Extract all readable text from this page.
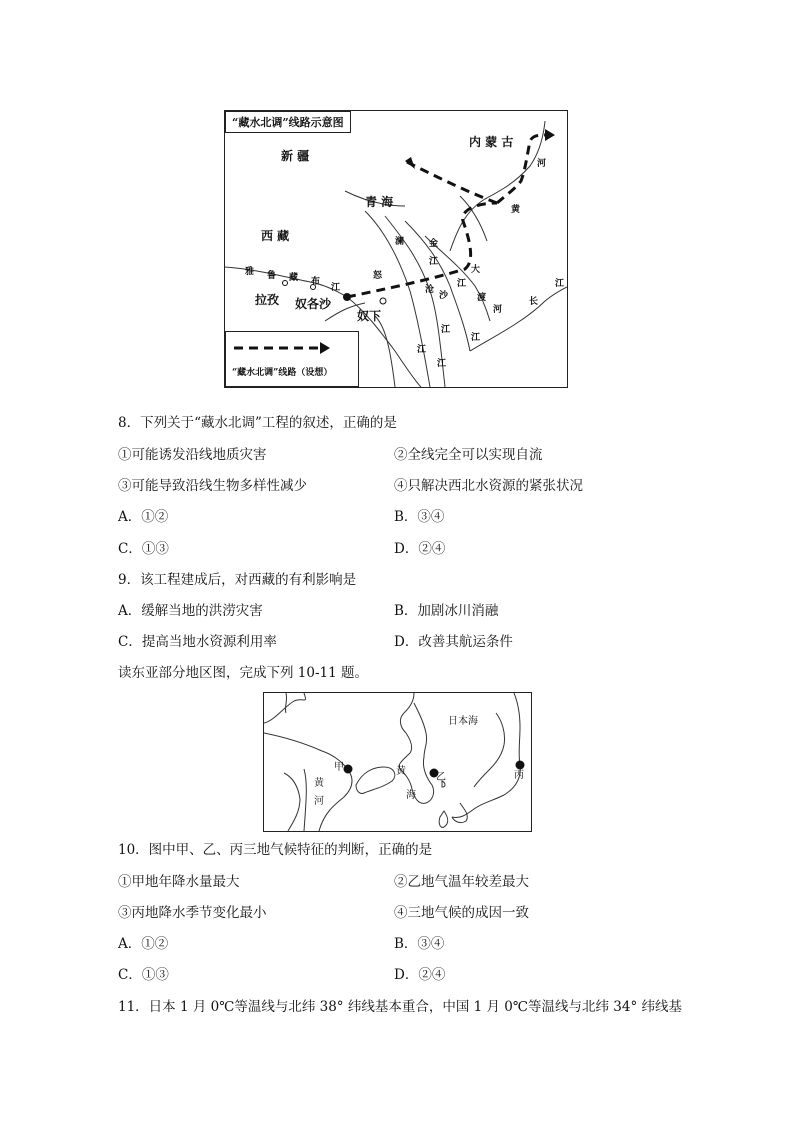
“藏水北调”线路示意图
内 蒙 古
新 疆
青 海
西 藏
拉孜 奴各沙
奴下
河
黄
江
长
雅 鲁 藏 布
江
怒
澜
沧
金
沙
大
渡
河
江
江
江
江
江
江
“藏水北调”线路（设想）
8．下列关于“藏水北调”工程的叙述，正确的是
①可能诱发沿线地质灾害	②全线完全可以实现自流
③可能导致沿线生物多样性减少	④只解决西北水资源的紧张状况
A．①②	B．③④
C．①③	D．②④
9．该工程建成后，对西藏的有利影响是
A．缓解当地的洪涝灾害	B．加剧冰川消融
C．提高当地水资源利用率	D．改善其航运条件
读东亚部分地区图，完成下列 10-11 题。
日本海
甲
乙	丙
黄
河
黄
海
10．图中甲、乙、丙三地气候特征的判断，正确的是
①甲地年降水量最大	②乙地气温年较差最大
③丙地降水季节变化最小	④三地气候的成因一致
A．①②	B．③④
C．①③	D．②④
11．日本 1 月 0℃等温线与北纬 38° 纬线基本重合，中国 1 月 0℃等温线与北纬 34° 纬线基
